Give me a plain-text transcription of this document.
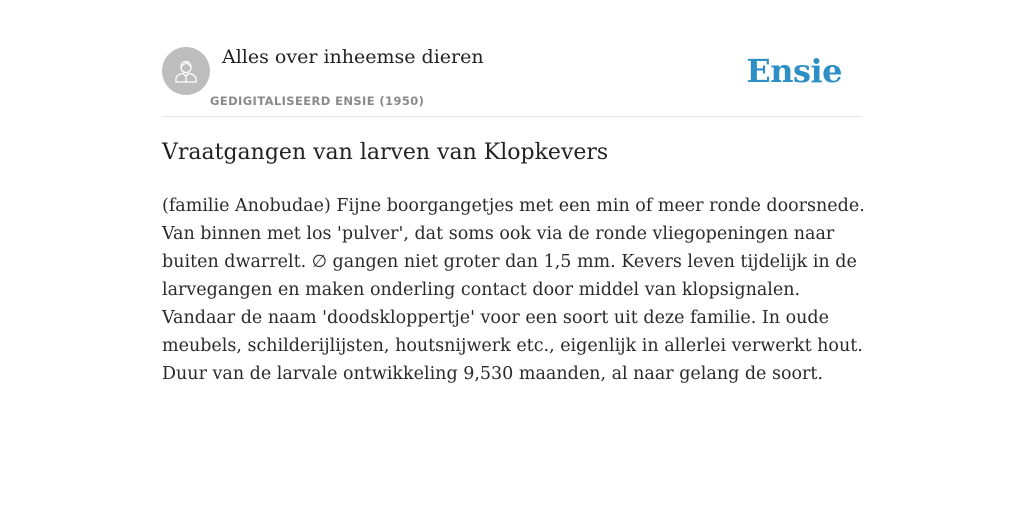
Alles over inheemse dieren
GEDIGITALISEERD ENSIE (1950)
Ensie
Vraatgangen van larven van Klopkevers

(familie Anobudae) Fijne boorgangetjes met een min of meer ronde doorsnede. Van binnen met los 'pulver', dat soms ook via de ronde vliegopeningen naar buiten dwarrelt. ∅ gangen niet groter dan 1,5 mm. Kevers leven tijdelijk in de larvegangen en maken onderling contact door middel van klopsignalen. Vandaar de naam 'doodskloppertje' voor een soort uit deze familie. In oude meubels, schilderijlijsten, houtsnijwerk etc., eigenlijk in allerlei verwerkt hout. Duur van de larvale ontwikkeling 9,530 maanden, al naar gelang de soort.
